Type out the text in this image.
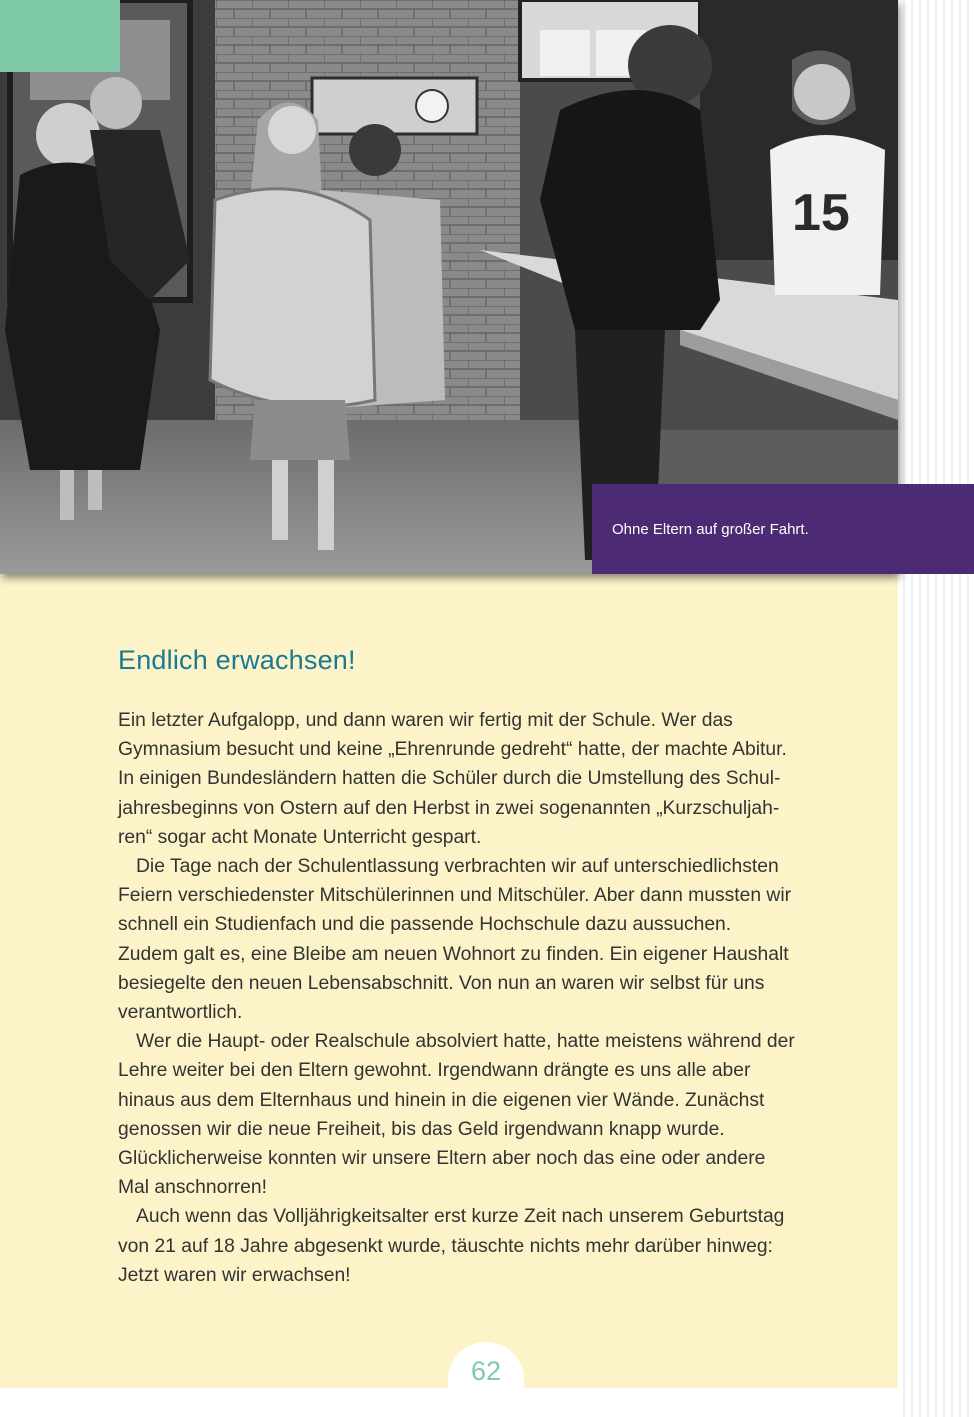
15
Ohne Eltern auf großer Fahrt.
Endlich erwachsen!
Ein letzter Aufgalopp, und dann waren wir fertig mit der Schule. Wer das
Gymnasium besucht und keine „Ehrenrunde gedreht“ hatte, der machte Abitur.
In einigen Bundesländern hatten die Schüler durch die Umstellung des Schul-
jahresbeginns von Ostern auf den Herbst in zwei sogenannten „Kurzschuljah-
ren“ sogar acht Monate Unterricht gespart.
Die Tage nach der Schulentlassung verbrachten wir auf unterschiedlichsten
Feiern verschiedenster Mitschülerinnen und Mitschüler. Aber dann mussten wir
schnell ein Studienfach und die passende Hochschule dazu aussuchen.
Zudem galt es, eine Bleibe am neuen Wohnort zu finden. Ein eigener Haushalt
besiegelte den neuen Lebensabschnitt. Von nun an waren wir selbst für uns
verantwortlich.
Wer die Haupt- oder Realschule absolviert hatte, hatte meistens während der
Lehre weiter bei den Eltern gewohnt. Irgendwann drängte es uns alle aber
hinaus aus dem Elternhaus und hinein in die eigenen vier Wände. Zunächst
genossen wir die neue Freiheit, bis das Geld irgendwann knapp wurde.
Glücklicherweise konnten wir unsere Eltern aber noch das eine oder andere
Mal anschnorren!
Auch wenn das Volljährigkeitsalter erst kurze Zeit nach unserem Geburtstag
von 21 auf 18 Jahre abgesenkt wurde, täuschte nichts mehr darüber hinweg:
Jetzt waren wir erwachsen!
62
